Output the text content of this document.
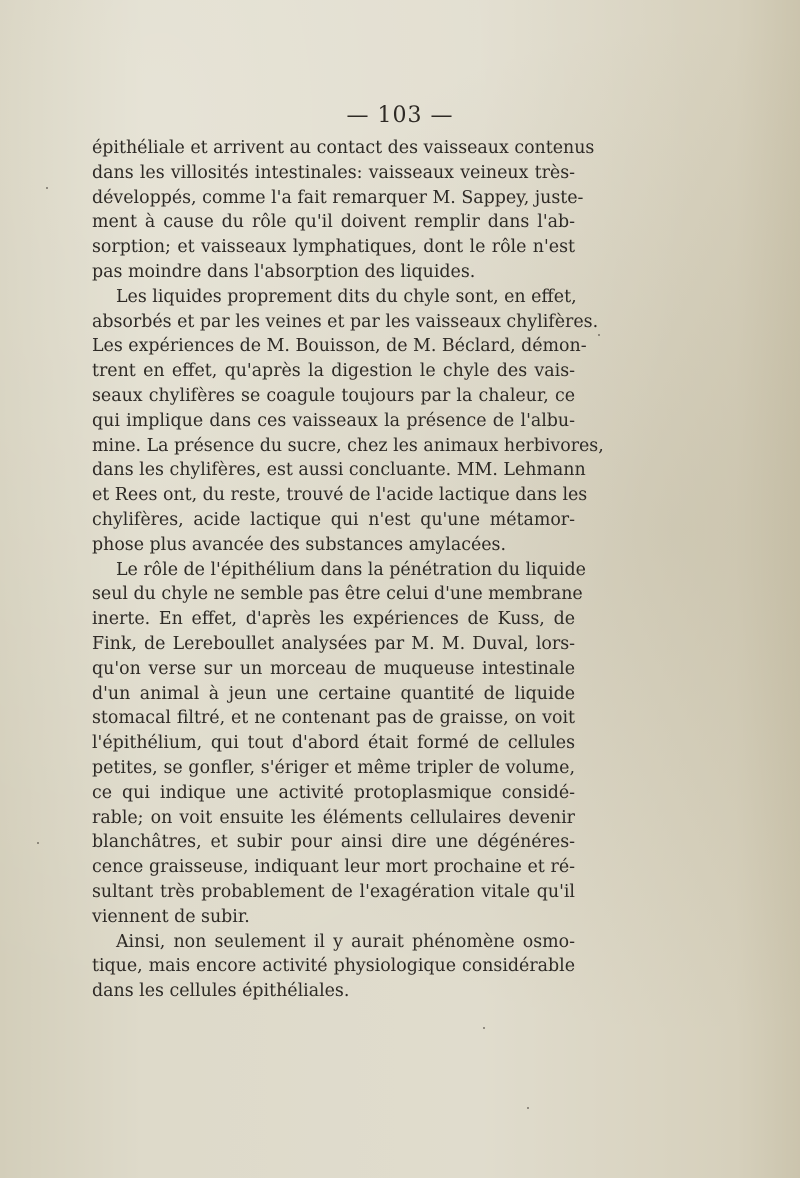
— 103 —
épithéliale et arrivent au contact des vaisseaux contenus
dans les villosités intestinales: vaisseaux veineux très-
développés, comme l'a fait remarquer M. Sappey, juste-
ment à cause du rôle qu'il doivent remplir dans l'ab-
sorption; et vaisseaux lymphatiques, dont le rôle n'est
pas moindre dans l'absorption des liquides.
Les liquides proprement dits du chyle sont, en effet,
absorbés et par les veines et par les vaisseaux chylifères.
Les expériences de M. Bouisson, de M. Béclard, démon-
trent en effet, qu'après la digestion le chyle des vais-
seaux chylifères se coagule toujours par la chaleur, ce
qui implique dans ces vaisseaux la présence de l'albu-
mine. La présence du sucre, chez les animaux herbivores,
dans les chylifères, est aussi concluante. MM. Lehmann
et Rees ont, du reste, trouvé de l'acide lactique dans les
chylifères, acide lactique qui n'est qu'une métamor-
phose plus avancée des substances amylacées.
Le rôle de l'épithélium dans la pénétration du liquide
seul du chyle ne semble pas être celui d'une membrane
inerte. En effet, d'après les expériences de Kuss, de
Fink, de Lereboullet analysées par M. M. Duval, lors-
qu'on verse sur un morceau de muqueuse intestinale
d'un animal à jeun une certaine quantité de liquide
stomacal filtré, et ne contenant pas de graisse, on voit
l'épithélium, qui tout d'abord était formé de cellules
petites, se gonfler, s'ériger et même tripler de volume,
ce qui indique une activité protoplasmique considé-
rable; on voit ensuite les éléments cellulaires devenir
blanchâtres, et subir pour ainsi dire une dégénéres-
cence graisseuse, indiquant leur mort prochaine et ré-
sultant très probablement de l'exagération vitale qu'il
viennent de subir.
Ainsi, non seulement il y aurait phénomène osmo-
tique, mais encore activité physiologique considérable
dans les cellules épithéliales.
